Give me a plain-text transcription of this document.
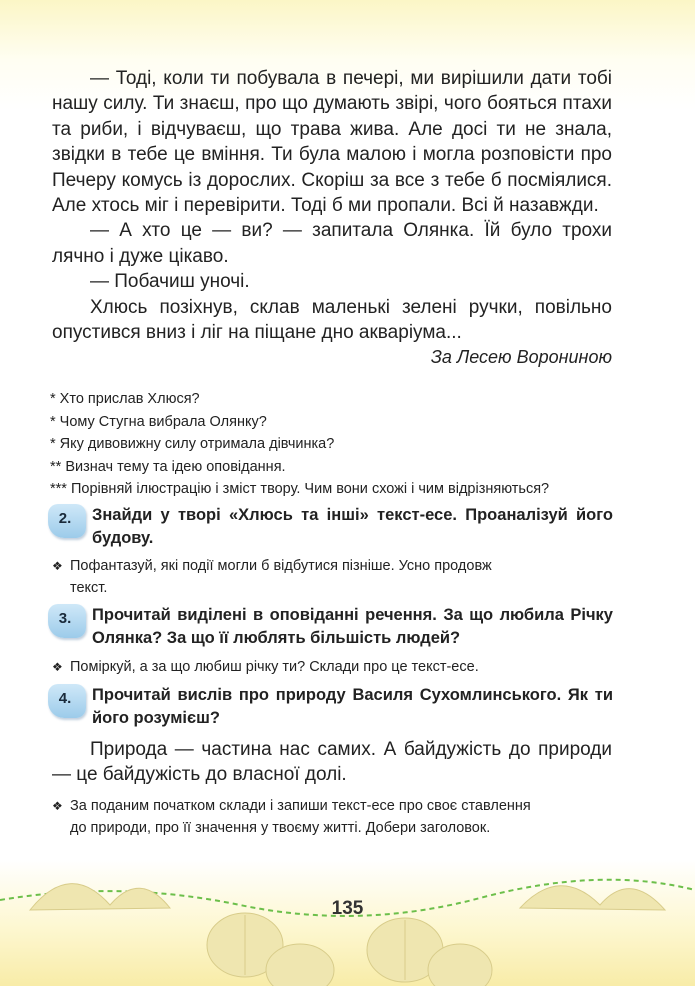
— Тоді, коли ти побувала в печері, ми вирішили дати тобі нашу силу. Ти знаєш, про що думають звірі, чого бояться птахи та риби, і відчуваєш, що трава жива. Але досі ти не знала, звідки в тебе це вміння. Ти була малою і могла розповісти про Печеру комусь із дорослих. Скоріш за все з тебе б посміялися. Але хтось міг і перевірити. Тоді б ми пропали. Всі й назавжди.

— А хто це — ви? — запитала Олянка. Їй було трохи лячно і дуже цікаво.

— Побачиш уночі.

Хлюсь позіхнув, склав маленькі зелені ручки, повільно опустився вниз і ліг на піщане дно акваріума...

За Лесею Ворониною

* Хто прислав Хлюся?
* Чому Стугна вибрала Олянку?
* Яку дивовижну силу отримала дівчинка?
** Визнач тему та ідею оповідання.
*** Порівняй ілюстрацію і зміст твору. Чим вони схожі і чим відрізняються?
2.	Знайди у творі «Хлюсь та інші» текст-есе. Проаналізуй його будову.
❖ Пофантазуй, які події могли б відбутися пізніше. Усно продовж
текст.
3.	Прочитай виділені в оповіданні речення. За що любила Річку Олянка? За що її люблять більшість людей?
❖ Поміркуй, а за що любиш річку ти? Склади про це текст-есе.
4.	Прочитай вислів про природу Василя Сухомлинського. Як ти його розумієш?

Природа — частина нас самих. А байдужість до природи — це байдужість до власної долі.

❖ За поданим початком склади і запиши текст-есе про своє ставлення
до природи, про її значення у твоєму житті. Добери заголовок.
135
